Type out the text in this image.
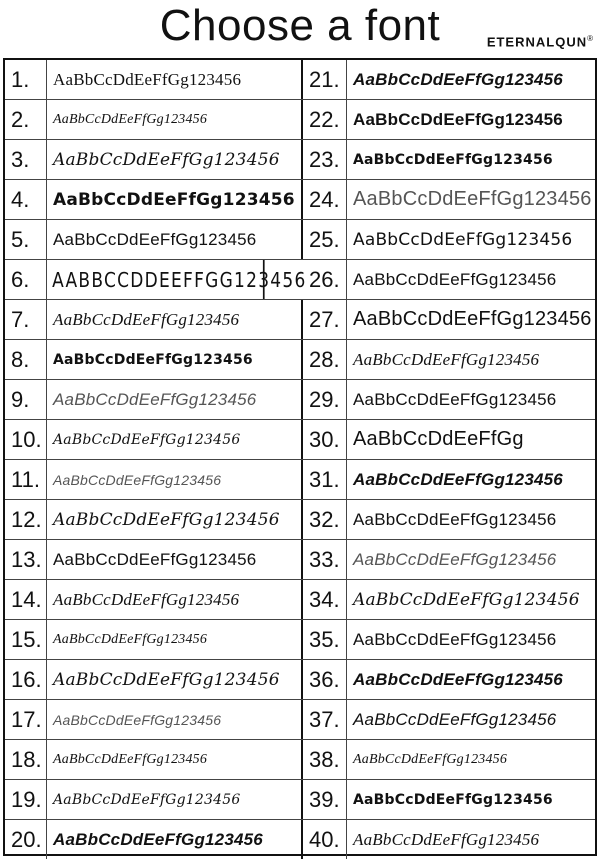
Choose a font	ETERNALQUN®
1.	AaBbCcDdEeFfGg123456	21. AaBbCcDdEeFfGg123456
2.	AaBbCcDdEeFfGg123456	22. AaBbCcDdEeFfGg123456
3.	AaBbCcDdEeFfGg123456	23. AaBbCcDdEeFfGg123456
4.	AaBbCcDdEeFfGg123456 24. AaBbCcDdEeFfGg123456
5.	AaBbCcDdEeFfGg123456	25. AaBbCcDdEeFfGg123456
6.	AABBCCDDEEFFGG123456 26. AaBbCcDdEeFfGg123456
7.	AaBbCcDdEeFfGg123456	27. AaBbCcDdEeFfGg123456
8.	AaBbCcDdEeFfGg123456	28. AaBbCcDdEeFfGg123456
9.	AaBbCcDdEeFfGg123456	29. AaBbCcDdEeFfGg123456
10. AaBbCcDdEeFfGg123456	30. AaBbCcDdEeFfGg
11. AaBbCcDdEeFfGg123456	31. AaBbCcDdEeFfGg123456
12. AaBbCcDdEeFfGg123456	32. AaBbCcDdEeFfGg123456
13. AaBbCcDdEeFfGg123456	33. AaBbCcDdEeFfGg123456
14. AaBbCcDdEeFfGg123456	34. AaBbCcDdEeFfGg123456
15. AaBbCcDdEeFfGg123456	35. AaBbCcDdEeFfGg123456
16. AaBbCcDdEeFfGg123456	36. AaBbCcDdEeFfGg123456
17. AaBbCcDdEeFfGg123456	37. AaBbCcDdEeFfGg123456
18. AaBbCcDdEeFfGg123456	38. AaBbCcDdEeFfGg123456
19. AaBbCcDdEeFfGg123456	39. AaBbCcDdEeFfGg123456
20. AaBbCcDdEeFfGg123456	40. AaBbCcDdEeFfGg123456
